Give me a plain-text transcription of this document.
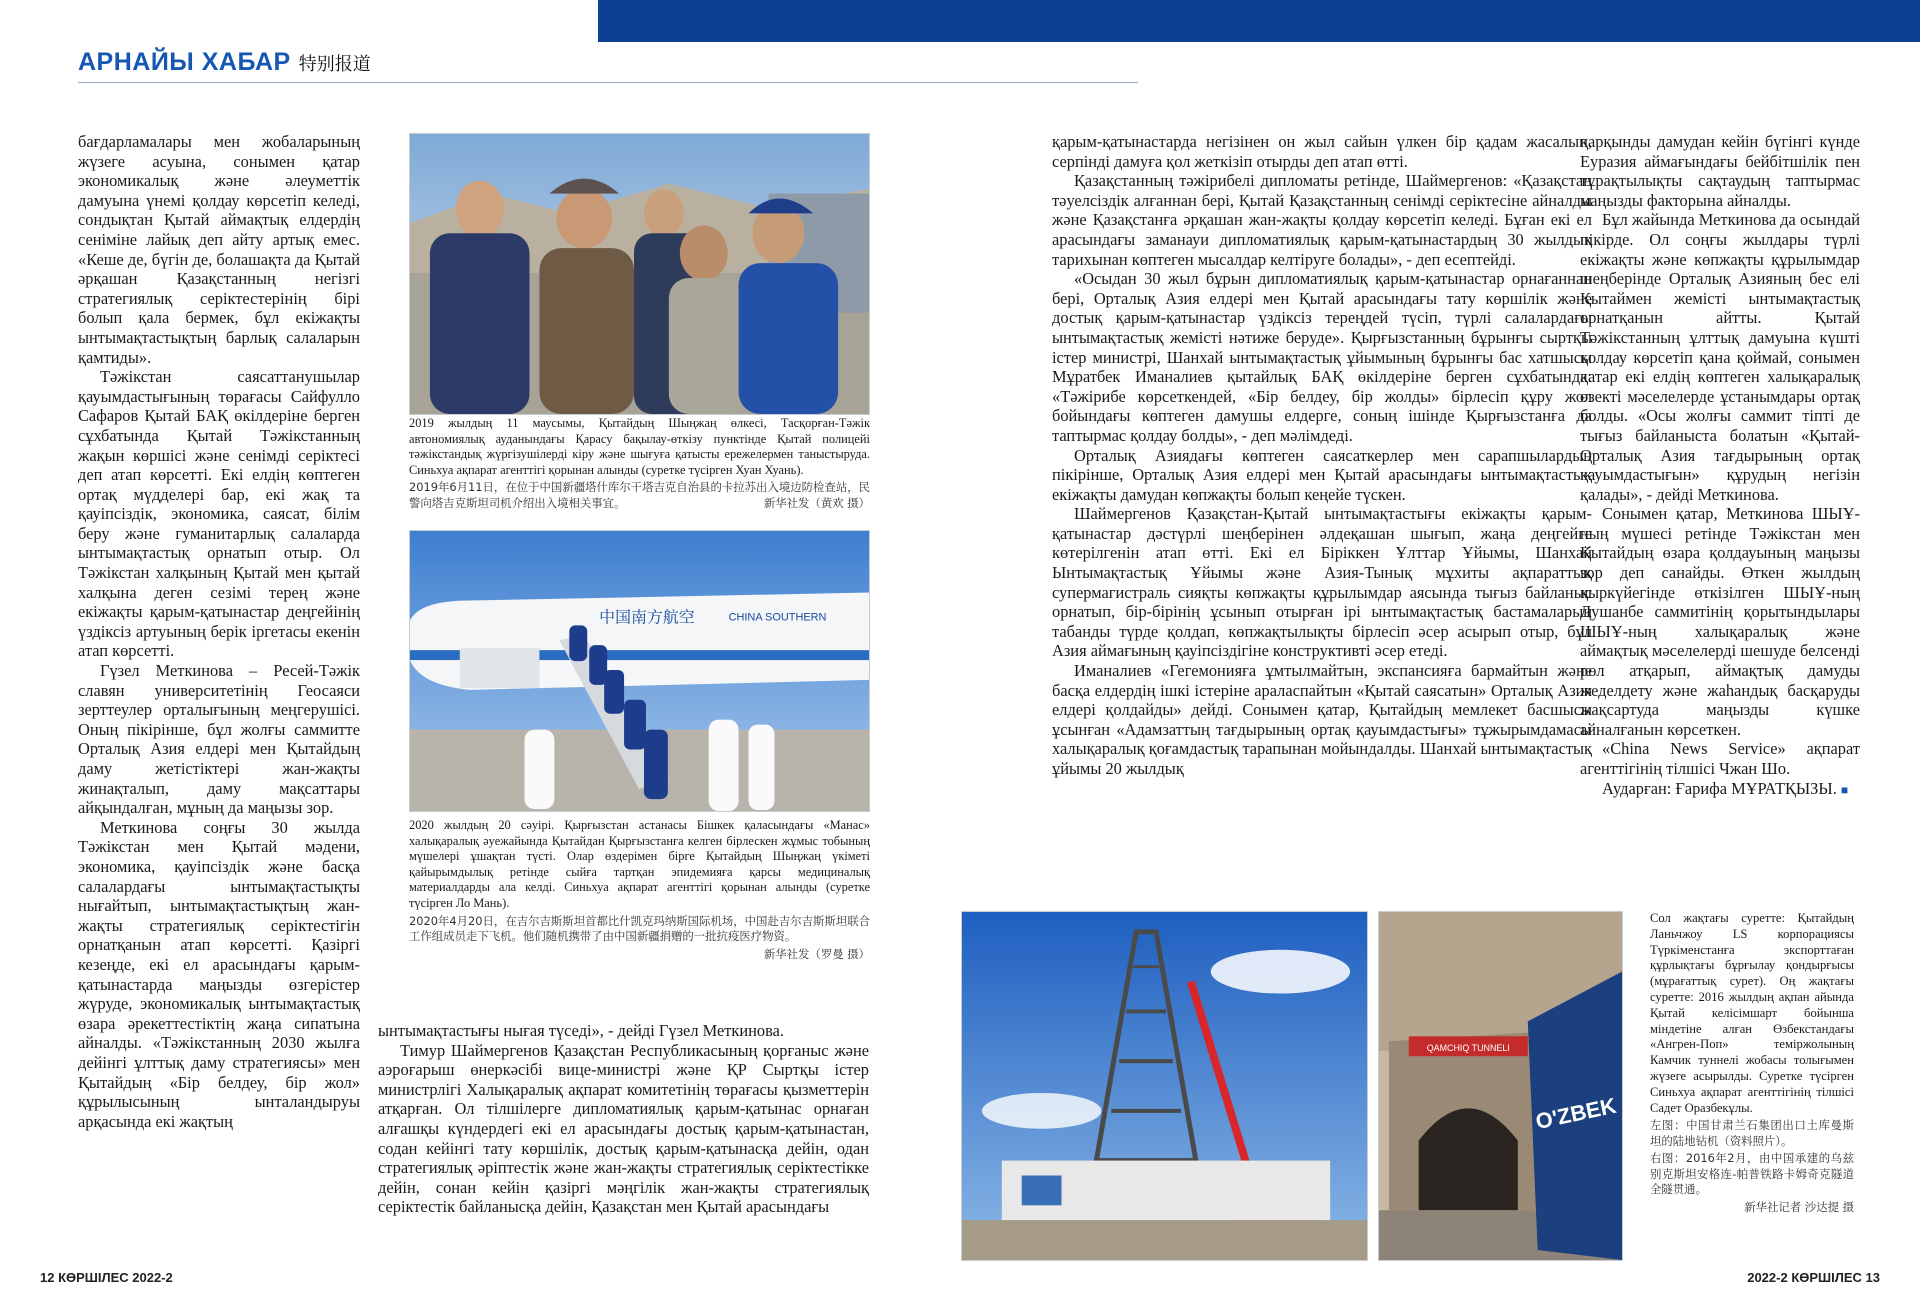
АРНАЙЫ ХАБАР 特别报道

бағдарламалары мен жобаларының жүзеге асуына, сонымен қатар экономикалық және әлеуметтік дамуына үнемі қолдау көрсетіп келеді, сондықтан Қытай аймақтық елдердің сеніміне лайық деп айту артық емес. «Кеше де, бүгін де, болашақта да Қытай әрқашан Қазақстанның негізгі стратегиялық серіктестерінің бірі болып қала бермек, бұл екіжақты ынтымақтастықтың барлық салаларын қамтиды».

Тәжікстан саясаттанушылар қауымдастығының төрағасы Сайфулло Сафаров Қытай БАҚ өкілдеріне берген сұхбатында Қытай Тәжікстанның жақын көршісі және сенімді серіктесі деп атап көрсетті. Екі елдің көптеген ортақ мүдделері бар, екі жақ та қауіпсіздік, экономика, саясат, білім беру және гуманитарлық салаларда ынтымақтастық орнатып отыр. Ол Тәжікстан халқының Қытай мен қытай халқына деген сезімі терең және екіжақты қарым-қатынастар деңгейінің үздіксіз артуының берік іргетасы екенін атап көрсетті.

Гүзел Меткинова – Ресей-Тәжік славян университетінің Геосаяси зерттеулер орталығының меңгерушісі. Оның пікірінше, бұл жолғы саммитте Орталық Азия елдері мен Қытайдың даму жетістіктері жан-жақты жинақталып, даму мақсаттары айқындалған, мұның да маңызы зор.

Меткинова соңғы 30 жылда Тәжікстан мен Қытай мәдени, экономика, қауіпсіздік және басқа салалардағы ынтымақтастықты нығайтып, ынтымақтастықтың жан-жақты стратегиялық серіктестігін орнатқанын атап көрсетті. Қазіргі кезеңде, екі ел арасындағы қарым-қатынастарда маңызды өзгерістер жүруде, экономикалық ынтымақтастық өзара әрекеттестіктің жаңа сипатына айналды. «Тәжікстанның 2030 жылға дейінгі ұлттық даму стратегиясы» мен Қытайдың «Бір белдеу, бір жол» құрылысының ынталандыруы арқасында екі жақтың

2019 жылдың 11 маусымы, Қытайдың Шыңжаң өлкесі, Тасқорған-Тәжік автономиялық ауданындағы Қарасу бақылау-өткізу пунктінде Қытай полицейі тәжікстандық жүргізушілерді кіру және шығуға қатысты ережелермен таныстыруда. Синьхуа ақпарат агенттігі қорынан алынды (суретке түсірген Хуан Хуань).
2019年6月11日，在位于中国新疆塔什库尔干塔吉克自治县的卡拉苏出入境边防检查站，民警向塔吉克斯坦司机介绍出入境相关事宜。	新华社发（黄欢 摄）
中国南方航空	CHINA SOUTHERN
2020 жылдың 20 сәуірі. Қырғызстан астанасы Бішкек қаласындағы «Манас» халықаралық әуежайында Қытайдан Қырғызстанға келген бірлескен жұмыс тобының мүшелері ұшақтан түсті. Олар өздерімен бірге Қытайдың Шыңжаң үкіметі қайырымдылық ретінде сыйға тартқан эпидемияға қарсы медициналық материалдарды ала келді. Синьхуа ақпарат агенттігі қорынан алынды (суретке түсірген Ло Мань).
2020年4月20日，在吉尔吉斯斯坦首都比什凯克玛纳斯国际机场，中国赴吉尔吉斯斯坦联合工作组成员走下飞机。他们随机携带了由中国新疆捐赠的一批抗疫医疗物资。
新华社发（罗曼 摄）

ынтымақтастығы нығая түседі», - дейді Гүзел Меткинова.

Тимур Шаймергенов Қазақстан Республикасының қорғаныс және аэроғарыш өнеркәсібі вице-министрі және ҚР Сыртқы істер министрлігі Халықаралық ақпарат комитетінің төрағасы қызметтерін атқарған. Ол тілшілерге дипломатиялық қарым-қатынас орнаған алғашқы күндердегі екі ел арасындағы достық қарым-қатынастан, содан кейінгі тату көршілік, достық қарым-қатынасқа дейін, одан стратегиялық әріптестік және жан-жақты стратегиялық серіктестікке дейін, сонан кейін қазіргі мәңгілік жан-жақты стратегиялық серіктестік байланысқа дейін, Қазақстан мен Қытай арасындағы

қарым-қатынастарда негізінен он жыл сайын үлкен бір қадам жасалып, серпінді дамуға қол жеткізіп отырды деп атап өтті.

Қазақстанның тәжірибелі дипломаты ретінде, Шаймергенов: «Қазақстан тәуелсіздік алғаннан бері, Қытай Қазақстанның сенімді серіктесіне айналды және Қазақстанға әрқашан жан-жақты қолдау көрсетіп келеді. Бұған екі ел арасындағы заманауи дипломатиялық қарым-қатынастардың 30 жылдық тарихынан көптеген мысалдар келтіруге болады», - деп есептейді.

«Осыдан 30 жыл бұрын дипломатиялық қарым-қатынастар орнағаннан бері, Орталық Азия елдері мен Қытай арасындағы тату көршілік және достық қарым-қатынастар үздіксіз тереңдей түсіп, түрлі салалардағы ынтымақтастық жемісті нәтиже беруде». Қырғызстанның бұрынғы сыртқы істер министрі, Шанхай ынтымақтастық ұйымының бұрынғы бас хатшысы Мұратбек Иманалиев қытайлық БАҚ өкілдеріне берген сұхбатында: «Тәжірибе көрсеткендей, «Бір белдеу, бір жолды» бірлесіп құру жол бойындағы көптеген дамушы елдерге, соның ішінде Қырғызстанға да таптырмас қолдау болды», - деп мәлімдеді.

Орталық Азиядағы көптеген саясаткерлер мен сарапшылардың пікірінше, Орталық Азия елдері мен Қытай арасындағы ынтымақтастық екіжақты дамудан көпжақты болып кеңейе түскен.

Шаймергенов Қазақстан-Қытай ынтымақтастығы екіжақты қарым-қатынастар дәстүрлі шеңберінен әлдеқашан шығып, жаңа деңгейге көтерілгенін атап өтті. Екі ел Біріккен Ұлттар Ұйымы, Шанхай Ынтымақтастық Ұйымы және Азия-Тынық мұхиты ақпараттық супермагистраль сияқты көпжақты құрылымдар аясында тығыз байланыс орнатып, бір-бірінің ұсынып отырған ірі ынтымақтастық бастамаларын табанды түрде қолдап, көпжақтылықты бірлесіп әсер асырып отыр, бұл Азия аймағының қауіпсіздігіне конструктивті әсер етеді.

Иманалиев «Гегемонияға ұмтылмайтын, экспансияға бармайтын және басқа елдердің ішкі істеріне араласпайтын «Қытай саясатын» Орталық Азия елдері қолдайды» дейді. Сонымен қатар, Қытайдың мемлекет басшысы ұсынған «Адамзаттың тағдырының ортақ қауымдастығы» тұжырымдамасы халықаралық қоғамдастық тарапынан мойындалды. Шанхай ынтымақтастық ұйымы 20 жылдық

қарқынды дамудан кейін бүгінгі күнде Еуразия аймағындағы бейбітшілік пен тұрақтылықты сақтаудың таптырмас маңызды факторына айналды.

Бұл жайында Меткинова да осындай пікірде. Ол соңғы жылдары түрлі екіжақты және көпжақты құрылымдар шеңберінде Орталық Азияның бес елі Қытаймен жемісті ынтымақтастық орнатқанын айтты. Қытай Тәжікстанның ұлттық дамуына күшті қолдау көрсетіп қана қоймай, сонымен қатар екі елдің көптеген халықаралық өзекті мәселелерде ұстанымдары ортақ болды. «Осы жолғы саммит тіпті де тығыз байланыста болатын «Қытай-Орталық Азия тағдырының ортақ қауымдастығын» құрудың негізін қалады», - дейді Меткинова.

Сонымен қатар, Меткинова ШЫҰ-ның мүшесі ретінде Тәжікстан мен Қытайдың өзара қолдауының маңызы зор деп санайды. Өткен жылдың қыркүйегінде өткізілген ШЫҰ-ның Душанбе саммитінің қорытындылары ШЫҰ-ның халықаралық және аймақтық мәселелерді шешуде белсенді рөл атқарып, аймақтық дамуды жеделдету және жаһандық басқаруды жақсартуда маңызды күшке айналғанын көрсеткен.

«China News Service» ақпарат агенттігінің тілшісі Чжан Шо.

Аударған: Ғарифа МҰРАТҚЫЗЫ. ■

QAMCHIQ TUNNELI
O'ZBEK
Сол жақтағы суретте: Қытайдың Ланьчжоу LS корпорациясы Түркіменстанға экспорттаған құрлықтағы бұрғылау қондырғысы (мұрағаттық сурет). Оң жақтағы суретте: 2016 жылдың ақпан айында Қытай келісімшарт бойынша міндетіне алған Өзбекстандағы «Ангрен-Поп» теміржолының Камчик туннелі жобасы толығымен жүзеге асырылды. Суретке түсірген Синьхуа ақпарат агенттігінің тілшісі Садет Оразбекұлы.
左图：中国甘肃兰石集团出口土库曼斯坦的陆地钻机（资料照片）。
右图：2016年2月，由中国承建的乌兹别克斯坦安格连-帕普铁路卡姆奇克隧道全隧贯通。
新华社记者 沙达提 摄
12 КӨРШІЛЕС 2022-2	2022-2 КӨРШІЛЕС 13
